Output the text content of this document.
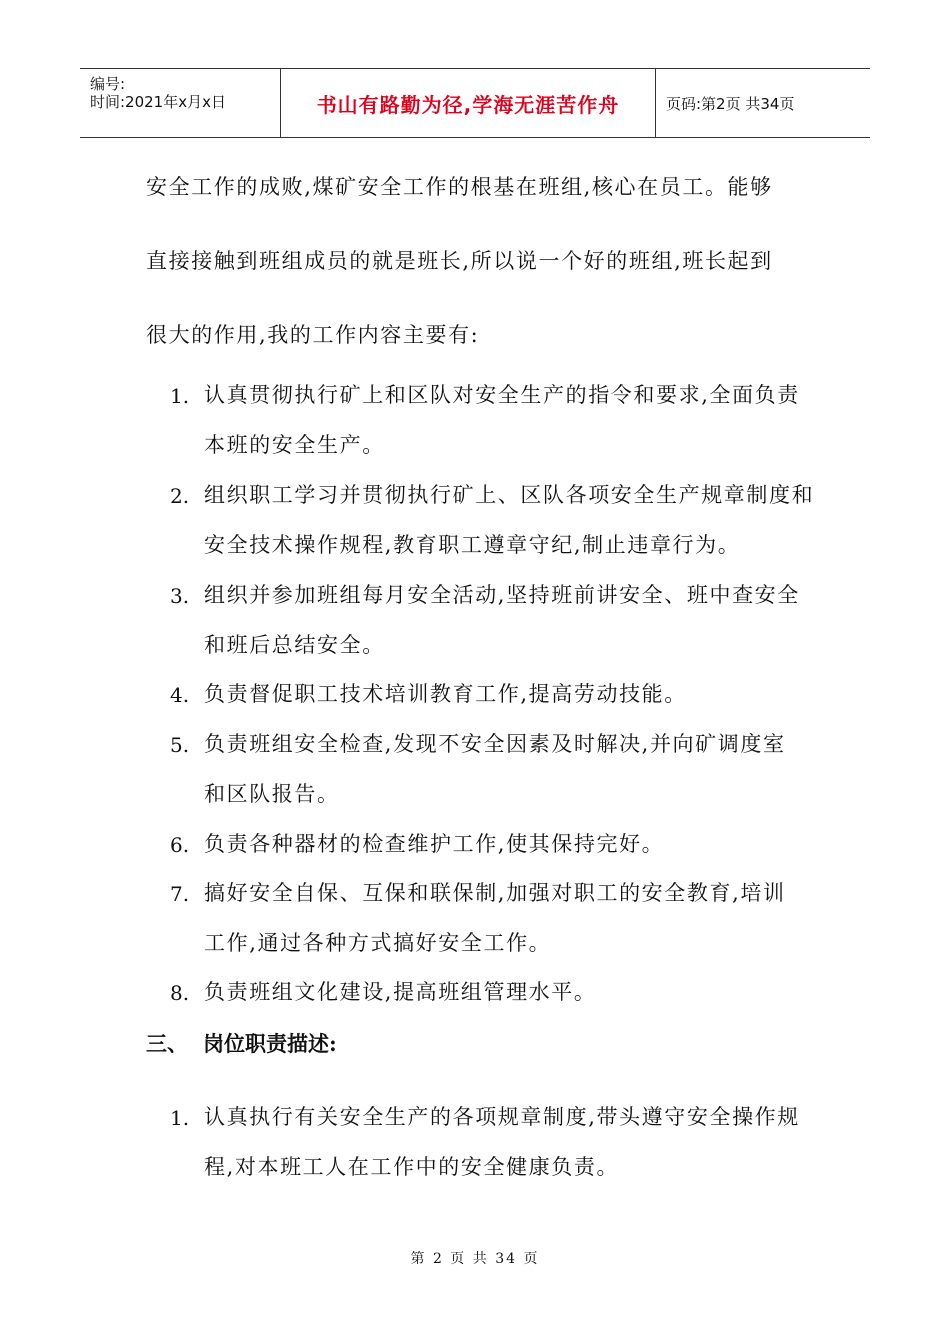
编号:
时间:2021年x月x日	书山有路勤为径,学海无涯苦作舟	页码:第2页 共34页
安全工作的成败,煤矿安全工作的根基在班组,核心在员工。能够
直接接触到班组成员的就是班长,所以说一个好的班组,班长起到
很大的作用,我的工作内容主要有:
1. 认真贯彻执行矿上和区队对安全生产的指令和要求,全面负责
本班的安全生产。
2. 组织职工学习并贯彻执行矿上、区队各项安全生产规章制度和
安全技术操作规程,教育职工遵章守纪,制止违章行为。
3. 组织并参加班组每月安全活动,坚持班前讲安全、班中查安全
和班后总结安全。
4. 负责督促职工技术培训教育工作,提高劳动技能。
5. 负责班组安全检查,发现不安全因素及时解决,并向矿调度室
和区队报告。
6. 负责各种器材的检查维护工作,使其保持完好。
7. 搞好安全自保、互保和联保制,加强对职工的安全教育,培训
工作,通过各种方式搞好安全工作。
8. 负责班组文化建设,提高班组管理水平。
三、 岗位职责描述:
1. 认真执行有关安全生产的各项规章制度,带头遵守安全操作规
程,对本班工人在工作中的安全健康负责。
第 2 页 共 34 页
